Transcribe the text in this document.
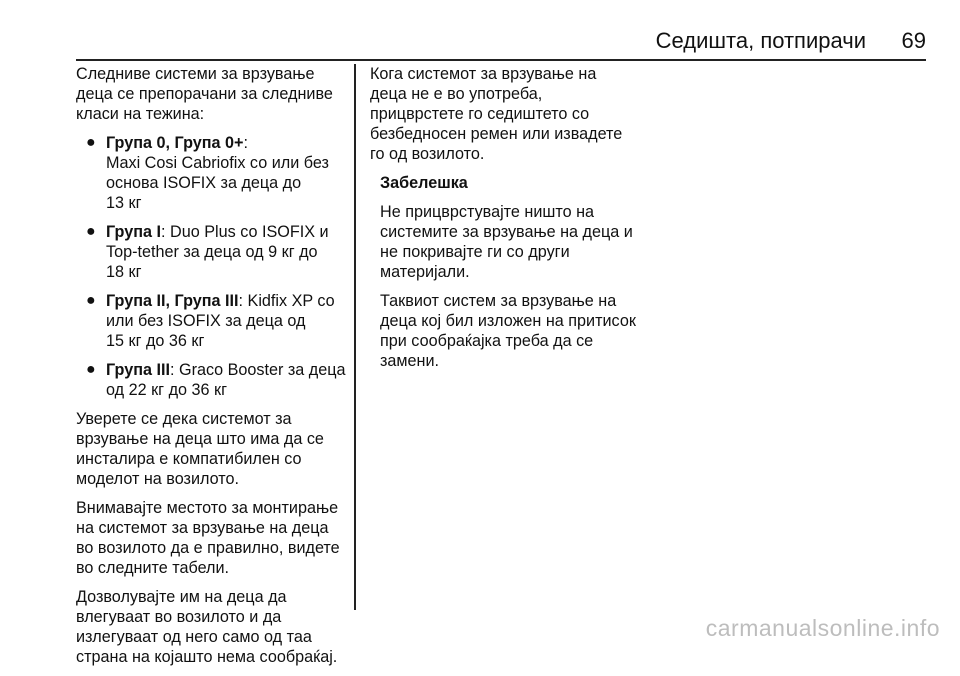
Седишта, потпирачи 69

Следниве системи за врзување деца се препорачани за следниве класи на тежина:

● Група 0, Група 0+:
Maxi Cosi Cabriofix со или без основа ISOFIX за деца до
13 кг
● Група I: Duo Plus со ISOFIX и Top-tether за деца од 9 кг до
18 кг
● Група II, Група III: Kidfix XP со или без ISOFIX за деца од
15 кг до 36 кг
● Група III: Graco Booster за деца од 22 кг до 36 кг

Уверете се дека системот за врзување на деца што има да се инсталира е компатибилен со моделот на возилото.

Внимавајте местото за монтирање на системот за врзување на деца во возилото да е правилно, видете во следните табели.

Дозволувајте им на деца да влегуваат во возилото и да излегуваат од него само од таа страна на којашто нема сообраќај.

Кога системот за врзување на деца не е во употреба, прицврстете го седиштето со безбедносен ремен или извадете го од возилото.

Забелешка

Не прицврстувајте ништо на системите за врзување на деца и не покривајте ги со други материјали.

Таквиот систем за врзување на деца кој бил изложен на притисок при сообраќајка треба да се замени.

carmanualsonline.info
